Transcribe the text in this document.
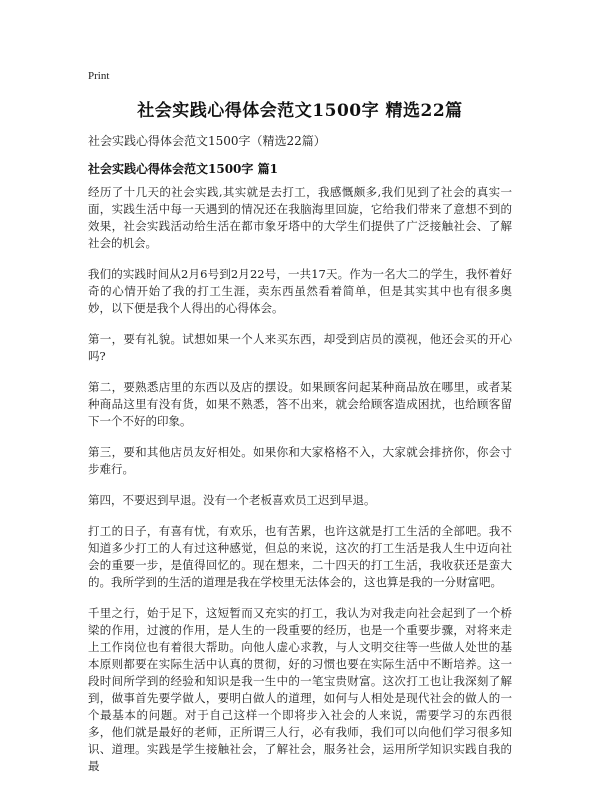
Print
社会实践心得体会范文1500字 精选22篇
社会实践心得体会范文1500字（精选22篇）
社会实践心得体会范文1500字 篇1

经历了十几天的社会实践,其实就是去打工，我感慨颇多,我们见到了社会的真实一面，实践生活中每一天遇到的情况还在我脑海里回旋，它给我们带来了意想不到的效果，社会实践活动给生活在都市象牙塔中的大学生们提供了广泛接触社会、了解社会的机会。

我们的实践时间从2月6号到2月22号，一共17天。作为一名大二的学生，我怀着好奇的心情开始了我的打工生涯，卖东西虽然看着简单，但是其实其中也有很多奥妙，以下便是我个人得出的心得体会。

第一，要有礼貌。试想如果一个人来买东西，却受到店员的漠视，他还会买的开心吗?

第二，要熟悉店里的东西以及店的摆设。如果顾客问起某种商品放在哪里，或者某种商品这里有没有货，如果不熟悉，答不出来，就会给顾客造成困扰，也给顾客留下一个不好的印象。

第三，要和其他店员友好相处。如果你和大家格格不入，大家就会排挤你，你会寸步难行。

第四，不要迟到早退。没有一个老板喜欢员工迟到早退。

打工的日子，有喜有忧，有欢乐，也有苦累，也许这就是打工生活的全部吧。我不知道多少打工的人有过这种感觉，但总的来说，这次的打工生活是我人生中迈向社会的重要一步，是值得回忆的。现在想来，二十四天的打工生活，我收获还是蛮大的。我所学到的生活的道理是我在学校里无法体会的，这也算是我的一分财富吧。

千里之行，始于足下，这短暂而又充实的打工，我认为对我走向社会起到了一个桥梁的作用，过渡的作用，是人生的一段重要的经历，也是一个重要步骤，对将来走上工作岗位也有着很大帮助。向他人虚心求教，与人文明交往等一些做人处世的基本原则都要在实际生活中认真的贯彻，好的习惯也要在实际生活中不断培养。这一段时间所学到的经验和知识是我一生中的一笔宝贵财富。这次打工也让我深刻了解到，做事首先要学做人，要明白做人的道理，如何与人相处是现代社会的做人的一个最基本的问题。对于自己这样一个即将步入社会的人来说，需要学习的东西很多，他们就是最好的老师，正所谓三人行，必有我师，我们可以向他们学习很多知识、道理。实践是学生接触社会，了解社会，服务社会，运用所学知识实践自我的最
